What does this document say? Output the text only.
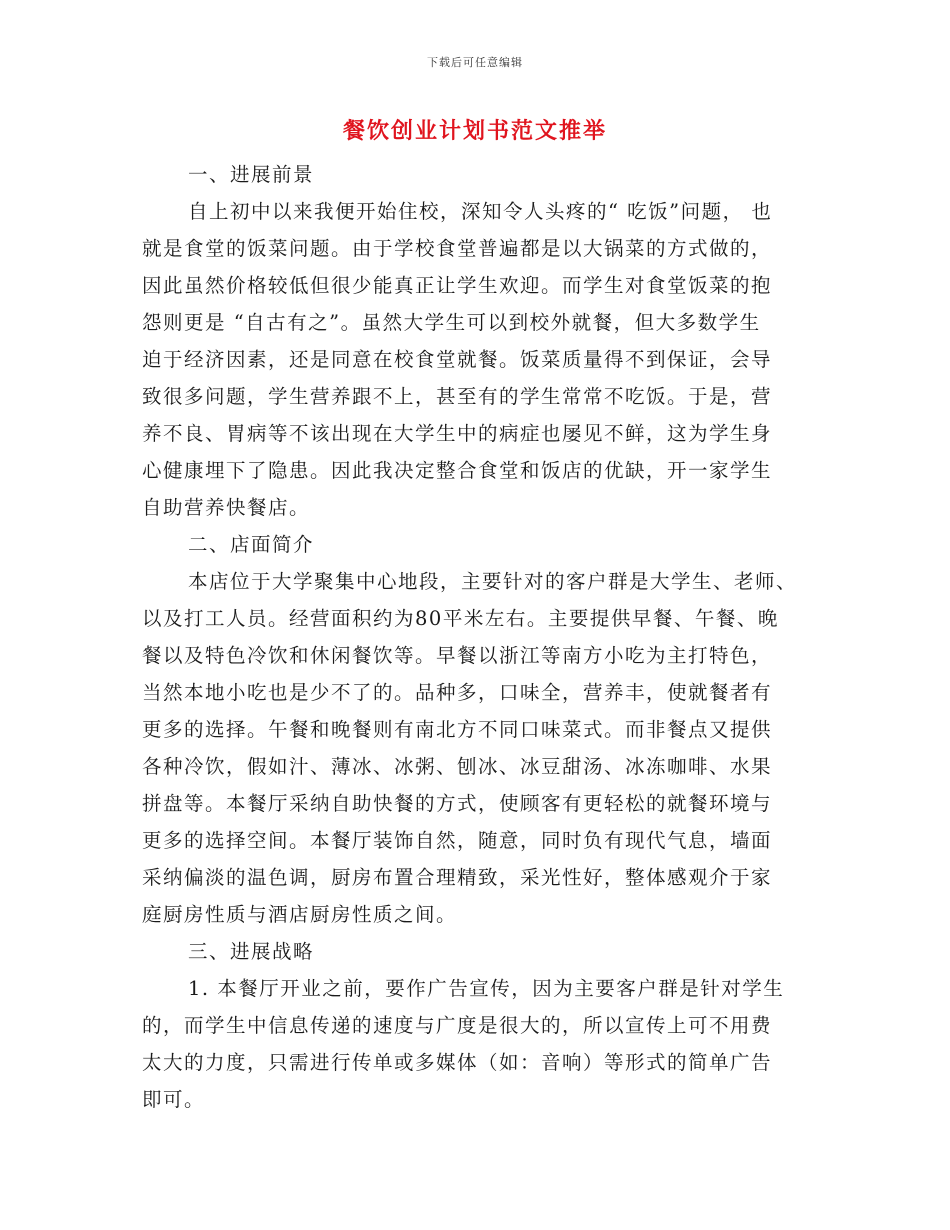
下载后可任意编辑
餐饮创业计划书范文推举
一、进展前景
自上初中以来我便开始住校，深知令人头疼的“ 吃饭”问题， 也
就是食堂的饭菜问题。由于学校食堂普遍都是以大锅菜的方式做的，
因此虽然价格较低但很少能真正让学生欢迎。而学生对食堂饭菜的抱
怨则更是 “自古有之”。虽然大学生可以到校外就餐，但大多数学生
迫于经济因素，还是同意在校食堂就餐。饭菜质量得不到保证，会导
致很多问题，学生营养跟不上，甚至有的学生常常不吃饭。于是，营
养不良、胃病等不该出现在大学生中的病症也屡见不鲜，这为学生身
心健康埋下了隐患。因此我决定整合食堂和饭店的优缺，开一家学生
自助营养快餐店。
二、店面简介
本店位于大学聚集中心地段，主要针对的客户群是大学生、老师、
以及打工人员。经营面积约为80平米左右。主要提供早餐、午餐、晚
餐以及特色冷饮和休闲餐饮等。早餐以浙江等南方小吃为主打特色，
当然本地小吃也是少不了的。品种多，口味全，营养丰，使就餐者有
更多的选择。午餐和晚餐则有南北方不同口味菜式。而非餐点又提供
各种冷饮，假如汁、薄冰、冰粥、刨冰、冰豆甜汤、冰冻咖啡、水果
拼盘等。本餐厅采纳自助快餐的方式，使顾客有更轻松的就餐环境与
更多的选择空间。本餐厅装饰自然，随意，同时负有现代气息，墙面
采纳偏淡的温色调，厨房布置合理精致，采光性好，整体感观介于家
庭厨房性质与酒店厨房性质之间。
三、进展战略
1. 本餐厅开业之前，要作广告宣传，因为主要客户群是针对学生
的，而学生中信息传递的速度与广度是很大的，所以宣传上可不用费
太大的力度，只需进行传单或多媒体（如：音响）等形式的简单广告
即可。
